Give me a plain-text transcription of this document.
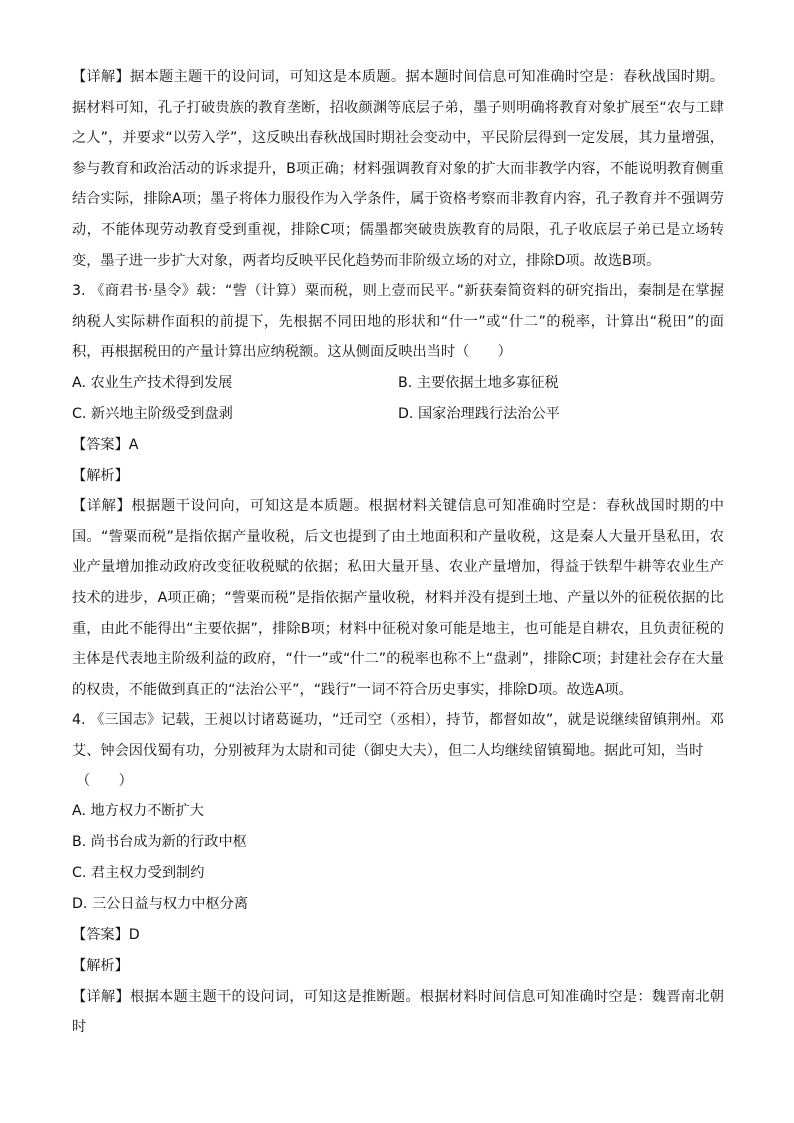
【详解】据本题主题干的设问词，可知这是本质题。据本题时间信息可知准确时空是：春秋战国时期。据材料可知，孔子打破贵族的教育垄断，招收颜渊等底层子弟，墨子则明确将教育对象扩展至“农与工肆之人”，并要求“以劳入学”，这反映出春秋战国时期社会变动中，平民阶层得到一定发展，其力量增强，参与教育和政治活动的诉求提升，B项正确；材料强调教育对象的扩大而非教学内容，不能说明教育侧重结合实际，排除A项；墨子将体力服役作为入学条件，属于资格考察而非教育内容，孔子教育并不强调劳动，不能体现劳动教育受到重视，排除C项；儒墨都突破贵族教育的局限，孔子收底层子弟已是立场转变，墨子进一步扩大对象，两者均反映平民化趋势而非阶级立场的对立，排除D项。故选B项。

3. 《商君书·垦令》载：“訾（计算）粟而税，则上壹而民平。”新获秦简资料的研究指出，秦制是在掌握纳税人实际耕作面积的前提下，先根据不同田地的形状和“什一”或“什二”的税率，计算出“税田”的面积，再根据税田的产量计算出应纳税额。这从侧面反映出当时（　　）

A. 农业生产技术得到发展	B. 主要依据土地多寡征税
C. 新兴地主阶级受到盘剥	D. 国家治理践行法治公平
【答案】A
【解析】

【详解】根据题干设问向，可知这是本质题。根据材料关键信息可知准确时空是：春秋战国时期的中国。“訾粟而税”是指依据产量收税，后文也提到了由土地面积和产量收税，这是秦人大量开垦私田，农业产量增加推动政府改变征收税赋的依据；私田大量开垦、农业产量增加，得益于铁犁牛耕等农业生产技术的进步，A项正确；“訾粟而税”是指依据产量收税，材料并没有提到土地、产量以外的征税依据的比重，由此不能得出“主要依据”，排除B项；材料中征税对象可能是地主，也可能是自耕农，且负责征税的主体是代表地主阶级利益的政府，“什一”或“什二”的税率也称不上“盘剥”，排除C项；封建社会存在大量的权贵，不能做到真正的“法治公平”，“践行”一词不符合历史事实，排除D项。故选A项。

4. 《三国志》记载，王昶以讨诸葛诞功，“迁司空（丞相），持节，都督如故”，就是说继续留镇荆州。邓艾、钟会因伐蜀有功，分别被拜为太尉和司徒（御史大夫），但二人均继续留镇蜀地。据此可知，当时

（　　）
A. 地方权力不断扩大
B. 尚书台成为新的行政中枢
C. 君主权力受到制约
D. 三公日益与权力中枢分离
【答案】D
【解析】

【详解】根据本题主题干的设问词，可知这是推断题。根据材料时间信息可知准确时空是：魏晋南北朝时
